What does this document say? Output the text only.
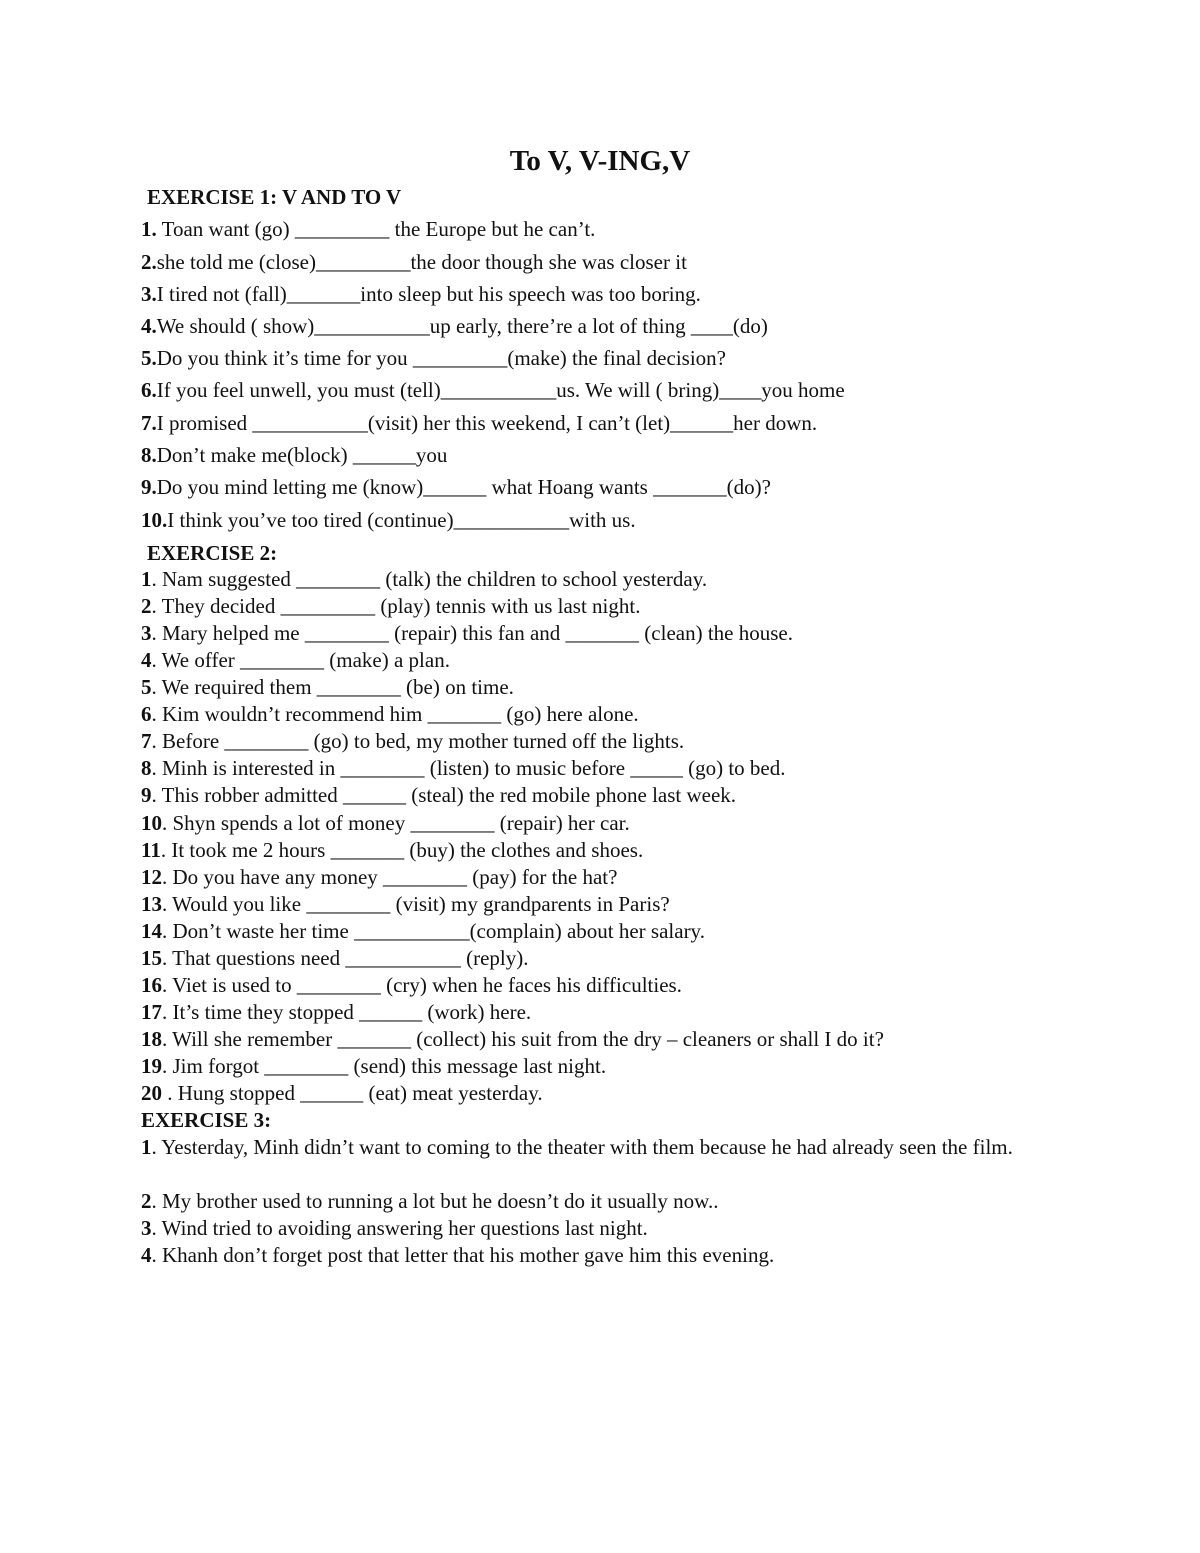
To V, V-ING,V
EXERCISE 1: V AND TO V
1. Toan want (go) _________ the Europe but he can’t.
2.she told me (close)_________the door though she was closer it
3.I tired not (fall)_______into sleep but his speech was too boring.
4.We should ( show)___________up early, there’re a lot of thing ____(do)
5.Do you think it’s time for you _________(make) the final decision?
6.If you feel unwell, you must (tell)___________us. We will ( bring)____you home
7.I promised ___________(visit) her this weekend, I can’t (let)______her down.
8.Don’t make me(block) ______you
9.Do you mind letting me (know)______ what Hoang wants _______(do)?
10.I think you’ve too tired (continue)___________with us.
EXERCISE 2:
1. Nam suggested ________ (talk) the children to school yesterday.
2. They decided _________ (play) tennis with us last night.
3. Mary helped me ________ (repair) this fan and _______ (clean) the house.
4. We offer ________ (make) a plan.
5. We required them ________ (be) on time.
6. Kim wouldn’t recommend him _______ (go) here alone.
7. Before ________ (go) to bed, my mother turned off the lights.
8. Minh is interested in ________ (listen) to music before _____ (go) to bed.
9. This robber admitted ______ (steal) the red mobile phone last week.
10. Shyn spends a lot of money ________ (repair) her car.
11. It took me 2 hours _______ (buy) the clothes and shoes.
12. Do you have any money ________ (pay) for the hat?
13. Would you like ________ (visit) my grandparents in Paris?
14. Don’t waste her time ___________(complain) about her salary.
15. That questions need ___________ (reply).
16. Viet is used to ________ (cry) when he faces his difficulties.
17. It’s time they stopped ______ (work) here.
18. Will she remember _______ (collect) his suit from the dry – cleaners or shall I do it?
19. Jim forgot ________ (send) this message last night.
20 . Hung stopped ______ (eat) meat yesterday.
EXERCISE 3:
1. Yesterday, Minh didn’t want to coming to the theater with them because he had already seen the film.
2. My brother used to running a lot but he doesn’t do it usually now..
3. Wind tried to avoiding answering her questions last night.
4. Khanh don’t forget post that letter that his mother gave him this evening.
